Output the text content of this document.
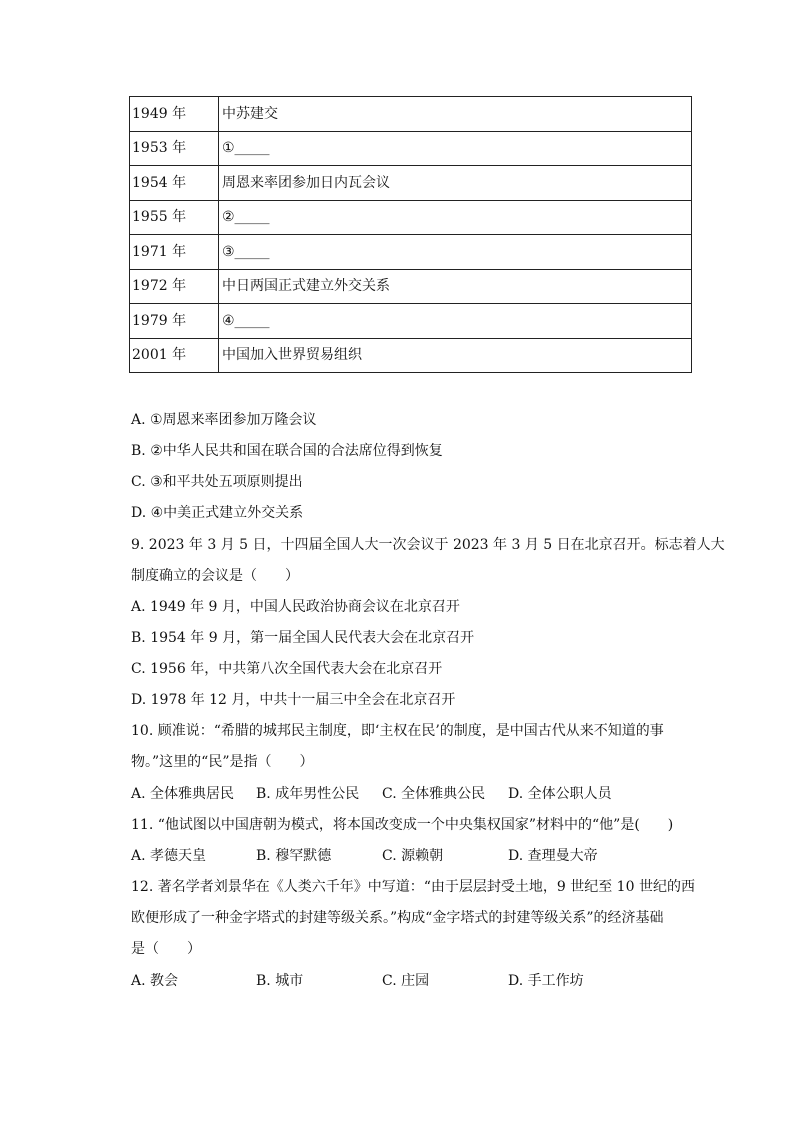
1949 年	中苏建交
1953 年	①_____
1954 年	周恩来率团参加日内瓦会议
1955 年	②_____
1971 年	③_____
1972 年	中日两国正式建立外交关系
1979 年	④_____
2001 年	中国加入世界贸易组织
A. ①周恩来率团参加万隆会议
B. ②中华人民共和国在联合国的合法席位得到恢复
C. ③和平共处五项原则提出
D. ④中美正式建立外交关系
9. 2023 年 3 月 5 日，十四届全国人大一次会议于 2023 年 3 月 5 日在北京召开。标志着人大
制度确立的会议是（　　）
A. 1949 年 9 月，中国人民政治协商会议在北京召开
B. 1954 年 9 月，第一届全国人民代表大会在北京召开
C. 1956 年，中共第八次全国代表大会在北京召开
D. 1978 年 12 月，中共十一届三中全会在北京召开
10. 顾准说：“希腊的城邦民主制度，即‘主权在民’的制度，是中国古代从来不知道的事
物。”这里的“民”是指（　　）
A. 全体雅典居民 B. 成年男性公民 C. 全体雅典公民 D. 全体公职人员
11. “他试图以中国唐朝为模式，将本国改变成一个中央集权国家”材料中的“他”是(　　)
A. 孝德天皇	B. 穆罕默德	C. 源赖朝	D. 查理曼大帝
12. 著名学者刘景华在《人类六千年》中写道：“由于层层封受土地，9 世纪至 10 世纪的西
欧便形成了一种金字塔式的封建等级关系。”构成“金字塔式的封建等级关系”的经济基础
是（　　）
A. 教会	B. 城市	C. 庄园	D. 手工作坊
